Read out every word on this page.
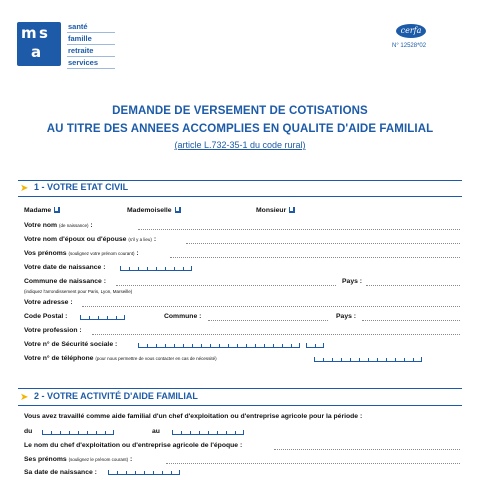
m s
a
santé
famille
retraite
services
cerfa
N° 12528*02
DEMANDE DE VERSEMENT DE COTISATIONS
AU TITRE DES ANNEES ACCOMPLIES EN QUALITE D'AIDE FAMILIAL
(article L.732-35-1 du code rural)
➤ 1 - VOTRE ETAT CIVIL
Madame	Mademoiselle	Monsieur
Votre nom (de naissance) :
Votre nom d'époux ou d'épouse (s'il y a lieu) :
Vos prénoms (soulignez votre prénom courant) :
Votre date de naissance :
Commune de naissance :	Pays :
(indiquez l'arrondissement pour Paris, Lyon, Marseille)
Votre adresse :
Code Postal :	Commune :	Pays :
Votre profession :
Votre n° de Sécurité sociale :
Votre n° de téléphone (pour nous permettre de vous contacter en cas de nécessité)
➤ 2 - VOTRE ACTIVITÉ D'AIDE FAMILIAL
Vous avez travaillé comme aide familial d'un chef d'exploitation ou d'entreprise agricole pour la période :
du	au
Le nom du chef d'exploitation ou d'entreprise agricole de l'époque :
Ses prénoms (soulignez le prénom courant) :
Sa date de naissance :
